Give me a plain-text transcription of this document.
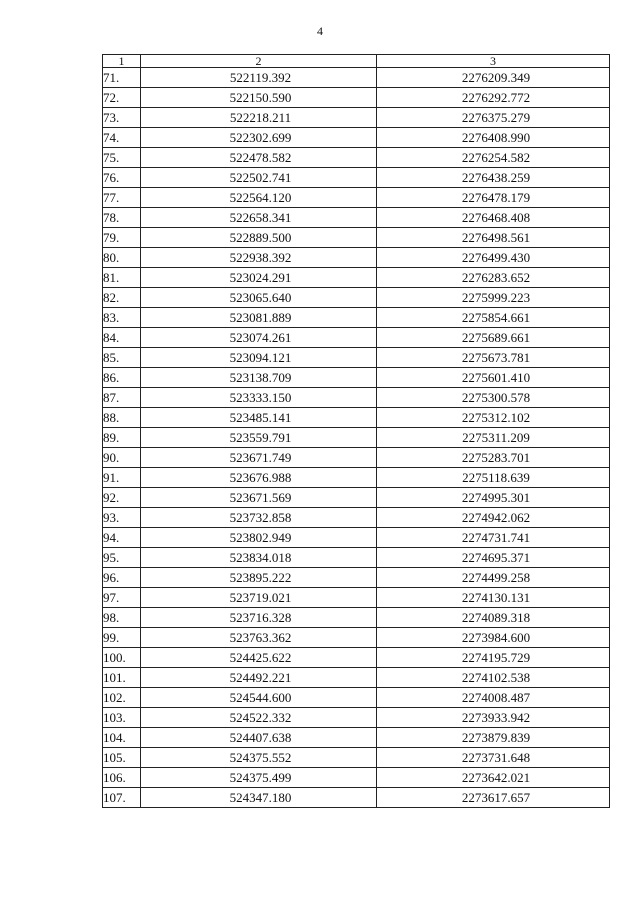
4
1	2	3
71.	522119.392	2276209.349
72.	522150.590	2276292.772
73.	522218.211	2276375.279
74.	522302.699	2276408.990
75.	522478.582	2276254.582
76.	522502.741	2276438.259
77.	522564.120	2276478.179
78.	522658.341	2276468.408
79.	522889.500	2276498.561
80.	522938.392	2276499.430
81.	523024.291	2276283.652
82.	523065.640	2275999.223
83.	523081.889	2275854.661
84.	523074.261	2275689.661
85.	523094.121	2275673.781
86.	523138.709	2275601.410
87.	523333.150	2275300.578
88.	523485.141	2275312.102
89.	523559.791	2275311.209
90.	523671.749	2275283.701
91.	523676.988	2275118.639
92.	523671.569	2274995.301
93.	523732.858	2274942.062
94.	523802.949	2274731.741
95.	523834.018	2274695.371
96.	523895.222	2274499.258
97.	523719.021	2274130.131
98.	523716.328	2274089.318
99.	523763.362	2273984.600
100.	524425.622	2274195.729
101.	524492.221	2274102.538
102.	524544.600	2274008.487
103.	524522.332	2273933.942
104.	524407.638	2273879.839
105.	524375.552	2273731.648
106.	524375.499	2273642.021
107.	524347.180	2273617.657
